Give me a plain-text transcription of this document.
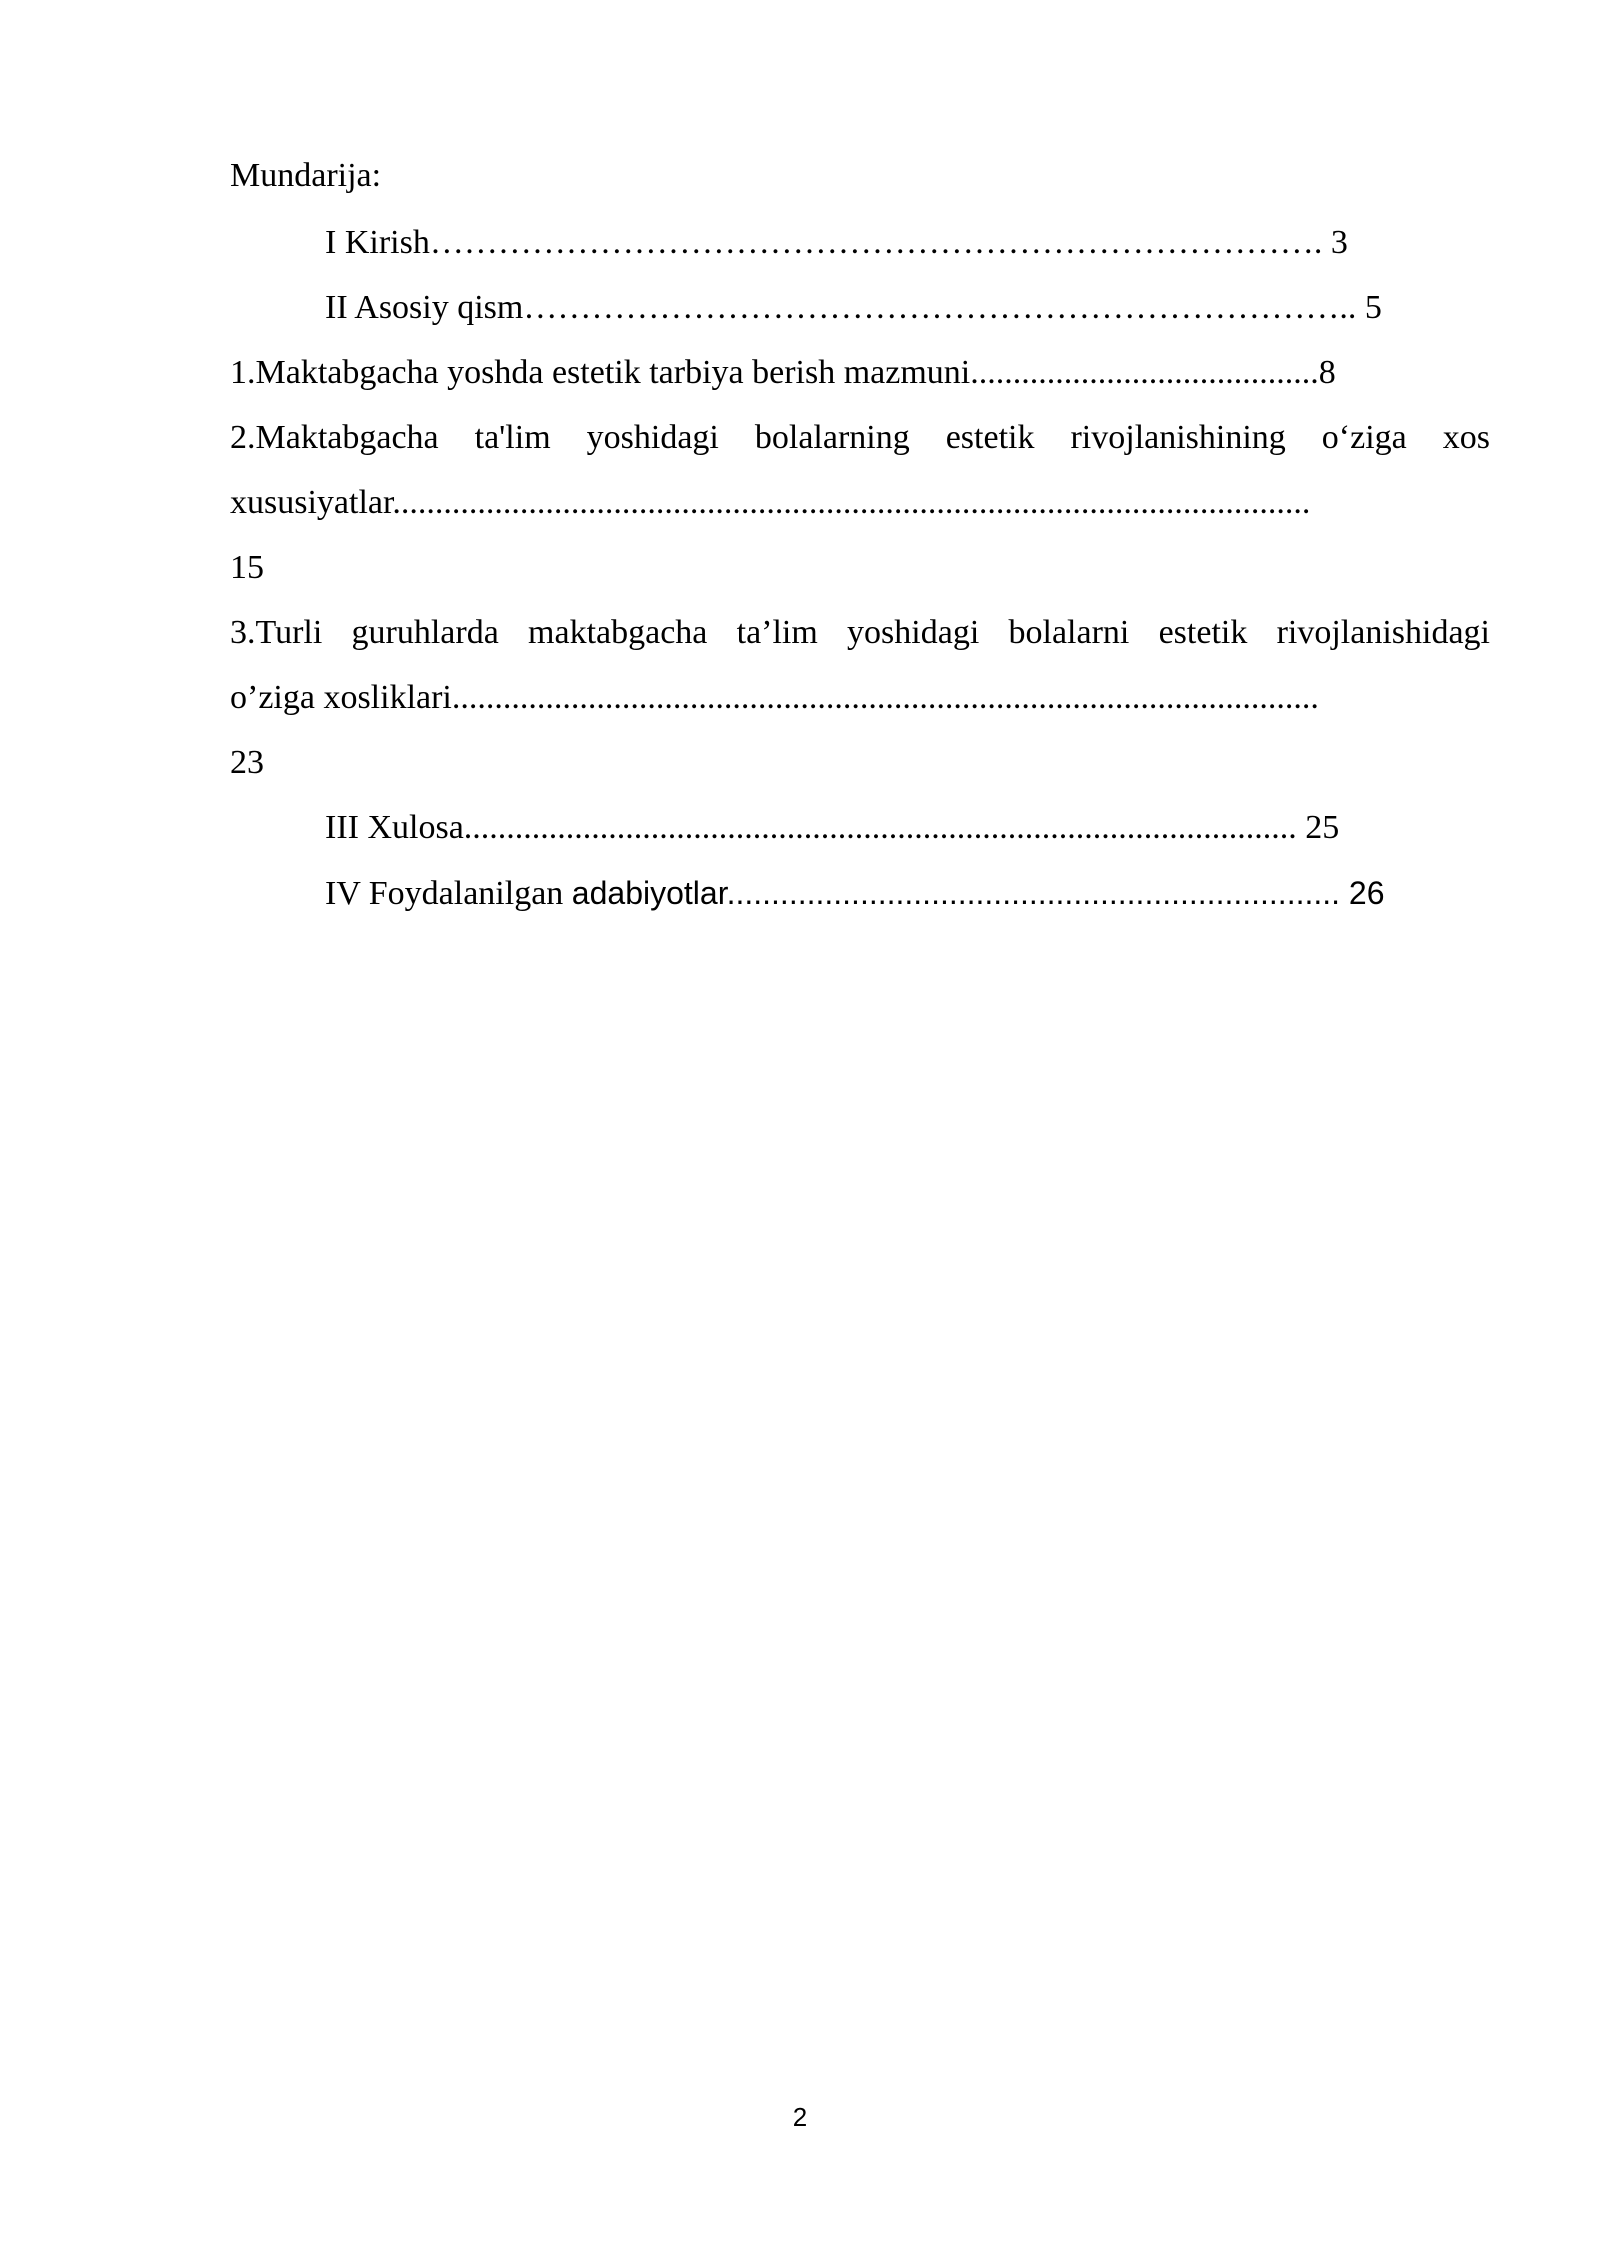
Mundarija:
I Kirish……………………………………………………………………. 3
II Asosiy qism……………………………………………………………….. 5
1.Maktabgacha yoshda estetik tarbiya berish mazmuni.........................................8
2.Maktabgacha ta'lim yoshidagi bolalarning estetik rivojlanishining o‘ziga xos
xususiyatlar............................................................................................................
15
3.Turli guruhlarda maktabgacha ta’lim yoshidagi bolalarni estetik rivojlanishidagi
o’ziga xosliklari......................................................................................................
23
III Xulosa.................................................................................................. 25
IV Foydalanilgan adabiyotlar..................................................................... 26
2
